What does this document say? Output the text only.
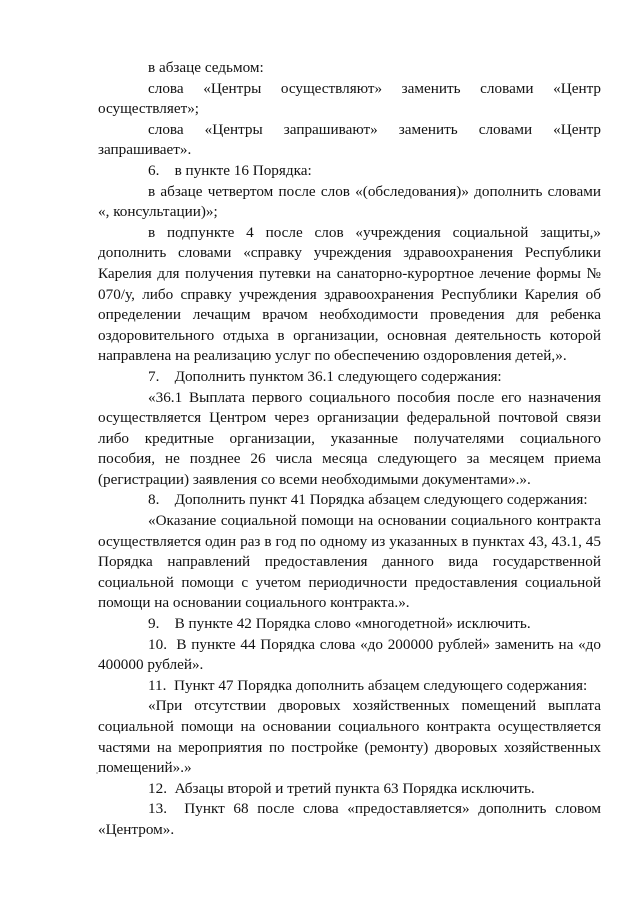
в абзаце седьмом:

слова «Центры осуществляют» заменить словами «Центр осуществляет»;

слова «Центры запрашивают» заменить словами «Центр запрашивает».

6.    в пункте 16 Порядка:

в абзаце четвертом после слов «(обследования)» дополнить словами «, консультации)»;

в подпункте 4 после слов «учреждения социальной защиты,» дополнить словами «справку учреждения здравоохранения Республики Карелия для получения путевки на санаторно-курортное лечение формы № 070/у, либо справку учреждения здравоохранения Республики Карелия об определении лечащим врачом необходимости проведения для ребенка оздоровительного отдыха в организации, основная деятельность которой направлена на реализацию услуг по обеспечению оздоровления детей,».

7.    Дополнить пунктом 36.1 следующего содержания:

«36.1 Выплата первого социального пособия после его назначения осуществляется Центром через организации федеральной почтовой связи либо кредитные организации, указанные получателями социального пособия, не позднее 26 числа месяца следующего за месяцем приема (регистрации) заявления со всеми необходимыми документами».».

8.    Дополнить пункт 41 Порядка абзацем следующего содержания:

«Оказание социальной помощи на основании социального контракта осуществляется один раз в год по одному из указанных в пунктах 43, 43.1, 45 Порядка направлений предоставления данного вида государственной социальной помощи с учетом периодичности предоставления социальной помощи на основании социального контракта.».

9.    В пункте 42 Порядка слово «многодетной» исключить.

10.  В пункте 44 Порядка слова «до 200000 рублей» заменить на «до 400000 рублей».

11.  Пункт 47 Порядка дополнить абзацем следующего содержания:

«При отсутствии дворовых хозяйственных помещений выплата социальной помощи на основании социального контракта осуществляется частями на мероприятия по постройке (ремонту) дворовых хозяйственных помещений».»

12.  Абзацы второй и третий пункта 63 Порядка исключить.

13.  Пункт 68 после слова «предоставляется» дополнить словом «Центром».
